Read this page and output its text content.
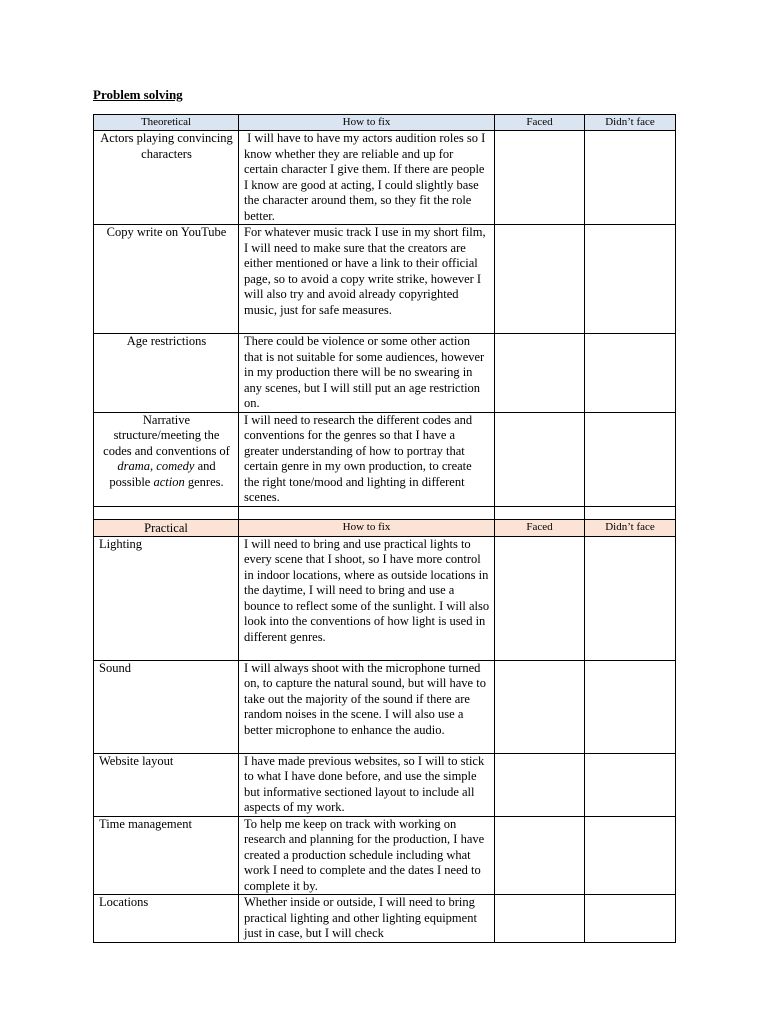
Problem solving
Theoretical	How to fix	Faced	Didn’t face
Actors playing convincing characters	I will have to have my actors audition roles so I know whether they are reliable and up for certain character I give them. If there are people I know are good at acting, I could slightly base the character around them, so they fit the role better.		
Copy write on YouTube	For whatever music track I use in my short film, I will need to make sure that the creators are either mentioned or have a link to their official page, so to avoid a copy write strike, however I will also try and avoid already copyrighted music, just for safe measures.		
Age restrictions	There could be violence or some other action that is not suitable for some audiences, however in my production there will be no swearing in any scenes, but I will still put an age restriction on.		
Narrative structure/meeting the codes and conventions of drama, comedy and possible action genres.	I will need to research the different codes and conventions for the genres so that I have a greater understanding of how to portray that certain genre in my own production, to create the right tone/mood and lighting in different scenes.		

Practical	How to fix	Faced	Didn’t face
Lighting	I will need to bring and use practical lights to every scene that I shoot, so I have more control in indoor locations, where as outside locations in the daytime, I will need to bring and use a bounce to reflect some of the sunlight. I will also look into the conventions of how light is used in different genres.		
Sound	I will always shoot with the microphone turned on, to capture the natural sound, but will have to take out the majority of the sound if there are random noises in the scene. I will also use a better microphone to enhance the audio.		
Website layout	I have made previous websites, so I will to stick to what I have done before, and use the simple but informative sectioned layout to include all aspects of my work.		
Time management	To help me keep on track with working on research and planning for the production, I have created a production schedule including what work I need to complete and the dates I need to complete it by.		
Locations	Whether inside or outside, I will need to bring practical lighting and other lighting equipment just in case, but I will check		
